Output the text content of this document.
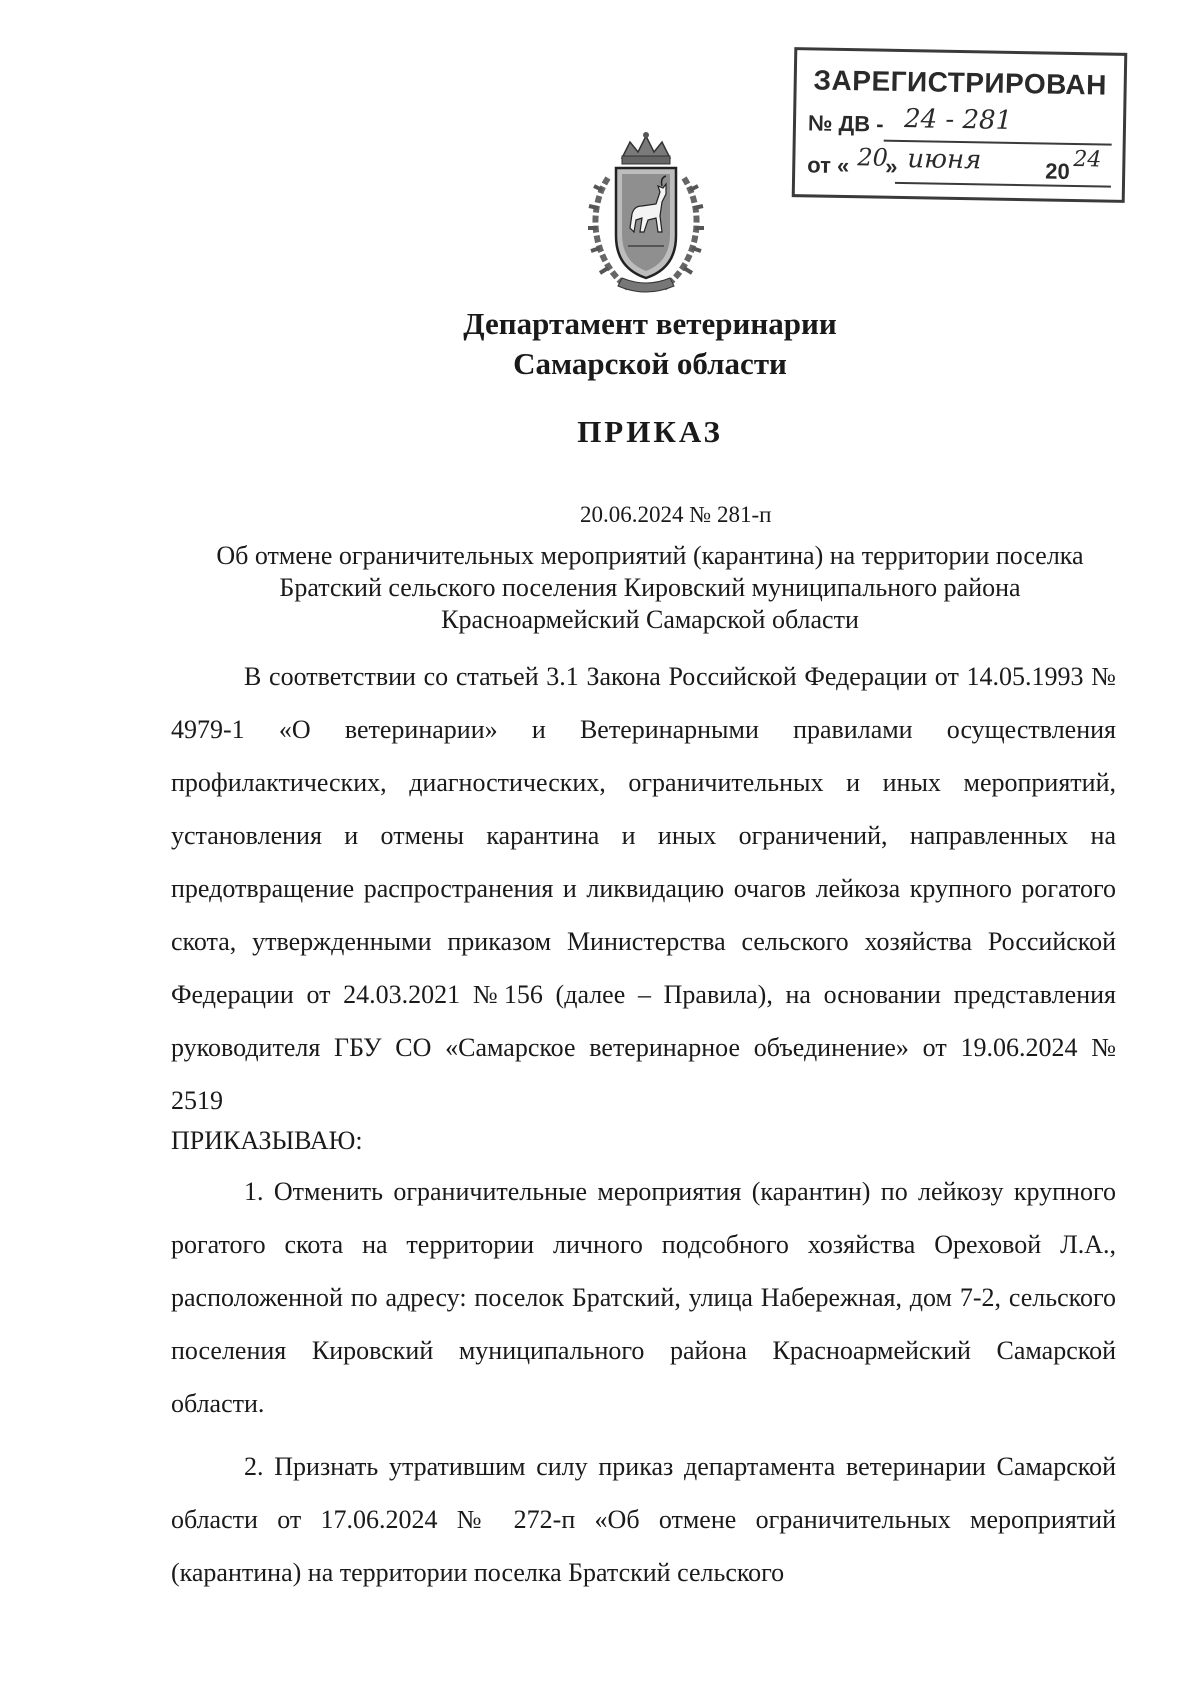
ЗАРЕГИСТРИРОВАН
№ ДВ - 24 - 281
от « 20
» июня	20 24
Департамент ветеринарии
Самарской области
ПРИКАЗ
20.06.2024 № 281-п
Об отмене ограничительных мероприятий (карантина) на территории поселка
Братский сельского поселения Кировский муниципального района
Красноармейский Самарской области

В соответствии со статьей 3.1 Закона Российской Федерации от 14.05.1993 № 4979-1 «О ветеринарии» и Ветеринарными правилами осуществления профилактических, диагностических, ограничительных и иных мероприятий, установления и отмены карантина и иных ограничений, направленных на предотвращение распространения и ликвидацию очагов лейкоза крупного рогатого скота, утвержденными приказом Министерства сельского хозяйства Российской Федерации от 24.03.2021 №156 (далее – Правила), на основании представления руководителя ГБУ СО «Самарское ветеринарное объединение» от 19.06.2024 № 2519

ПРИКАЗЫВАЮ:

1. Отменить ограничительные мероприятия (карантин) по лейкозу крупного рогатого скота на территории личного подсобного хозяйства Ореховой Л.А., расположенной по адресу: поселок Братский, улица Набережная, дом 7-2, сельского поселения Кировский муниципального района Красноармейский Самарской области.

2. Признать утратившим силу приказ департамента ветеринарии Самарской области от 17.06.2024 № 272-п «Об отмене ограничительных мероприятий (карантина) на территории поселка Братский сельского
